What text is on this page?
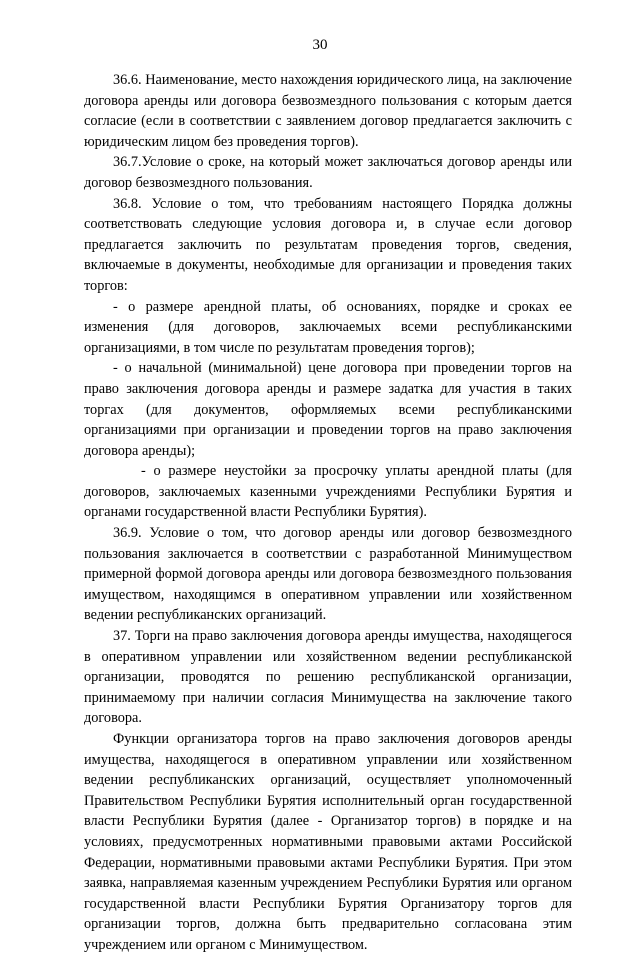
30

36.6. Наименование, место нахождения юридического лица, на заключение договора аренды или договора безвозмездного пользования с которым дается согласие (если в соответствии с заявлением договор предлагается заключить с юридическим лицом без проведения торгов).

36.7.Условие о сроке, на который может заключаться договор аренды или договор безвозмездного пользования.

36.8. Условие о том, что требованиям настоящего Порядка должны соответствовать следующие условия договора и, в случае если договор предлагается заключить по результатам проведения торгов, сведения, включаемые в документы, необходимые для организации и проведения таких торгов:

- о размере арендной платы, об основаниях, порядке и сроках ее изменения (для договоров, заключаемых всеми республиканскими организациями, в том числе по результатам проведения торгов);

- о начальной (минимальной) цене договора при проведении торгов на право заключения договора аренды и размере задатка для участия в таких торгах (для документов, оформляемых всеми республиканскими организациями при организации и проведении торгов на право заключения договора аренды);

- о размере неустойки за просрочку уплаты арендной платы (для договоров, заключаемых казенными учреждениями Республики Бурятия и органами государственной власти Республики Бурятия).

36.9. Условие о том, что договор аренды или договор безвозмездного пользования заключается в соответствии с разработанной Минимуществом примерной формой договора аренды или договора безвозмездного пользования имуществом, находящимся в оперативном управлении или хозяйственном ведении республиканских организаций.

37. Торги на право заключения договора аренды имущества, находящегося в оперативном управлении или хозяйственном ведении республиканской организации, проводятся по решению республиканской организации, принимаемому при наличии согласия Минимущества на заключение такого договора.

Функции организатора торгов на право заключения договоров аренды имущества, находящегося в оперативном управлении или хозяйственном ведении республиканских организаций, осуществляет уполномоченный Правительством Республики Бурятия исполнительный орган государственной власти Республики Бурятия (далее - Организатор торгов) в порядке и на условиях, предусмотренных нормативными правовыми актами Российской Федерации, нормативными правовыми актами Республики Бурятия. При этом заявка, направляемая казенным учреждением Республики Бурятия или органом государственной власти Республики Бурятия Организатору торгов для организации торгов, должна быть предварительно согласована этим учреждением или органом с Минимуществом.
